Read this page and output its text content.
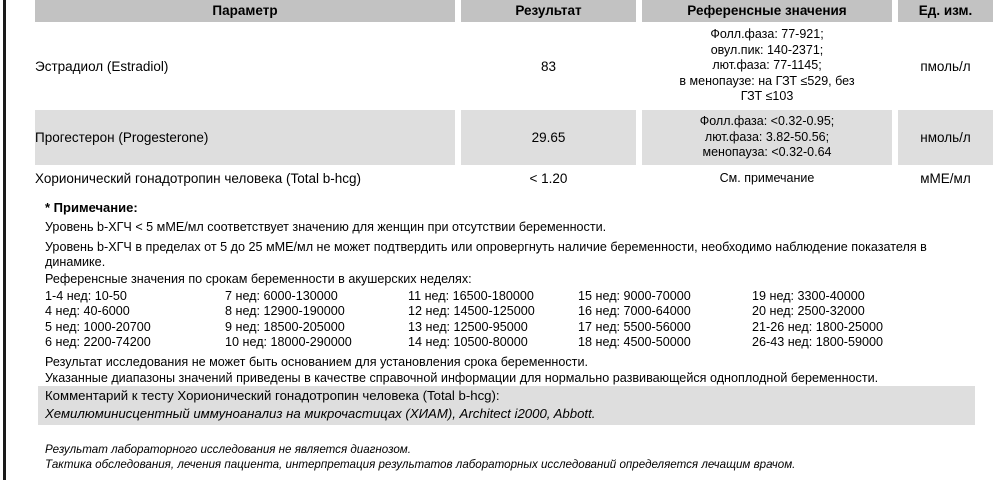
Параметр		Результат		Референсные значения		Ед. изм.
Эстрадиол (Estradiol)		83		Фолл.фаза: 77-921;
овул.пик: 140-2371;
лют.фаза: 77-1145;
в менопаузе: на ГЗТ ≤529, без
ГЗТ ≤103		пмоль/л
Прогестерон (Progesterone)		29.65		Фолл.фаза: <0.32-0.95;
лют.фаза: 3.82-50.56;
менопауза: <0.32-0.64		нмоль/л
Хорионический гонадотропин человека (Total b-hcg)		< 1.20		См. примечание		мМЕ/мл
* Примечание:
Уровень b-ХГЧ < 5 мМЕ/мл соответствует значению для женщин при отсутствии беременности.
Уровень b-ХГЧ в пределах от 5 до 25 мМЕ/мл не может подтвердить или опровергнуть наличие беременности, необходимо наблюдение показателя в динамике.
Референсные значения по срокам беременности в акушерских неделях:
1-4 нед: 10-50	7 нед: 6000-130000	11 нед: 16500-180000	15 нед: 9000-70000	19 нед: 3300-40000
4 нед: 40-6000	8 нед: 12900-190000	12 нед: 14500-125000	16 нед: 7000-64000	20 нед: 2500-32000
5 нед: 1000-20700	9 нед: 18500-205000	13 нед: 12500-95000	17 нед: 5500-56000	21-26 нед: 1800-25000
6 нед: 2200-74200	10 нед: 18000-290000	14 нед: 10500-80000	18 нед: 4500-50000	26-43 нед: 1800-59000
Результат исследования не может быть основанием для установления срока беременности.
Указанные диапазоны значений приведены в качестве справочной информации для нормально развивающейся одноплодной беременности.
Комментарий к тесту Хорионический гонадотропин человека (Total b-hcg):
Хемилюминисцентный иммуноанализ на микрочастицах (ХИАМ), Architect i2000, Abbott.
Результат лабораторного исследования не является диагнозом.
Тактика обследования, лечения пациента, интерпретация результатов лабораторных исследований определяется лечащим врачом.
